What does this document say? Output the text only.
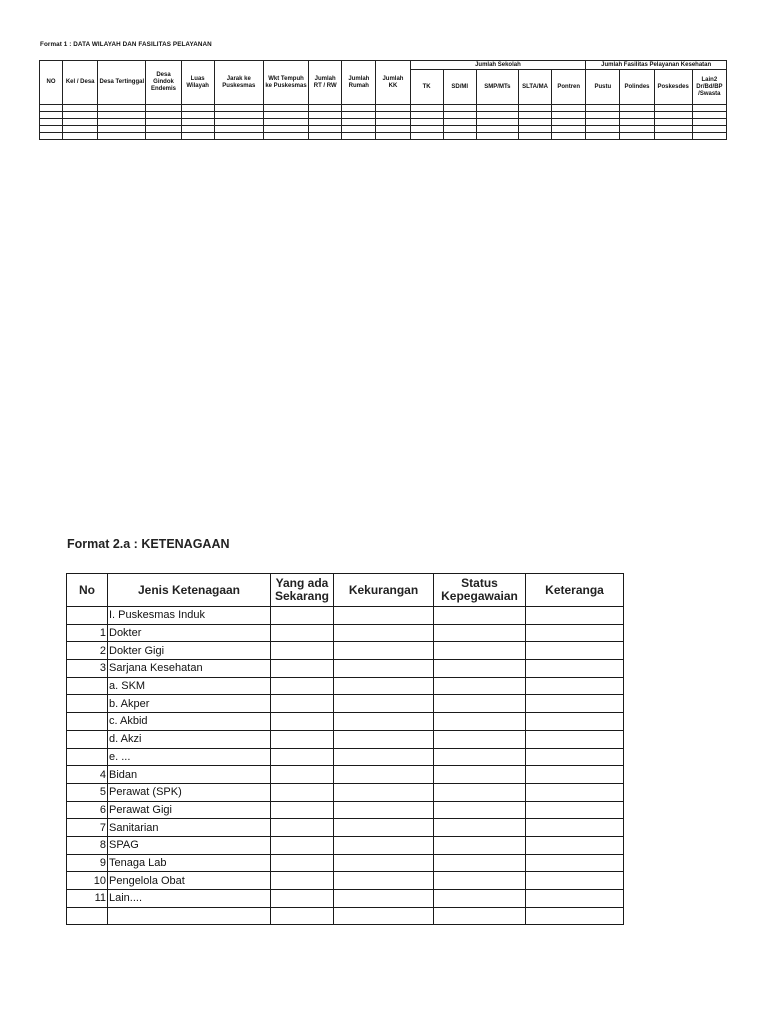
Format 1 : DATA WILAYAH DAN FASILITAS PELAYANAN
NO	Kel / Desa	Desa Tertinggal	Desa Gindok Endemis	Luas Wilayah	Jarak ke Puskesmas	Wkt Tempuh ke Puskesmas	Jumlah RT / RW	Jumlah Rumah	Jumlah KK	Jumlah Sekolah					Jumlah Fasilitas Pelayanan Kesehatan			
										TK	SD/MI	SMP/MTs	SLTA/MA	Pontren	Pustu	Polindes	Poskesdes	Lain2 Dr/Bd/BP /Swasta

Format 2.a : KETENAGAAN
No	Jenis Ketenagaan	Yang ada Sekarang	Kekurangan	Status Kepegawaian	Keteranga
	I. Puskesmas Induk				
1	Dokter				
2	Dokter Gigi				
3	Sarjana Kesehatan				
	a. SKM				
	b. Akper				
	c. Akbid				
	d. Akzi				
	e. ...				
4	Bidan				
5	Perawat (SPK)				
6	Perawat Gigi				
7	Sanitarian				
8	SPAG				
9	Tenaga Lab				
10	Pengelola Obat				
11	Lain....				
